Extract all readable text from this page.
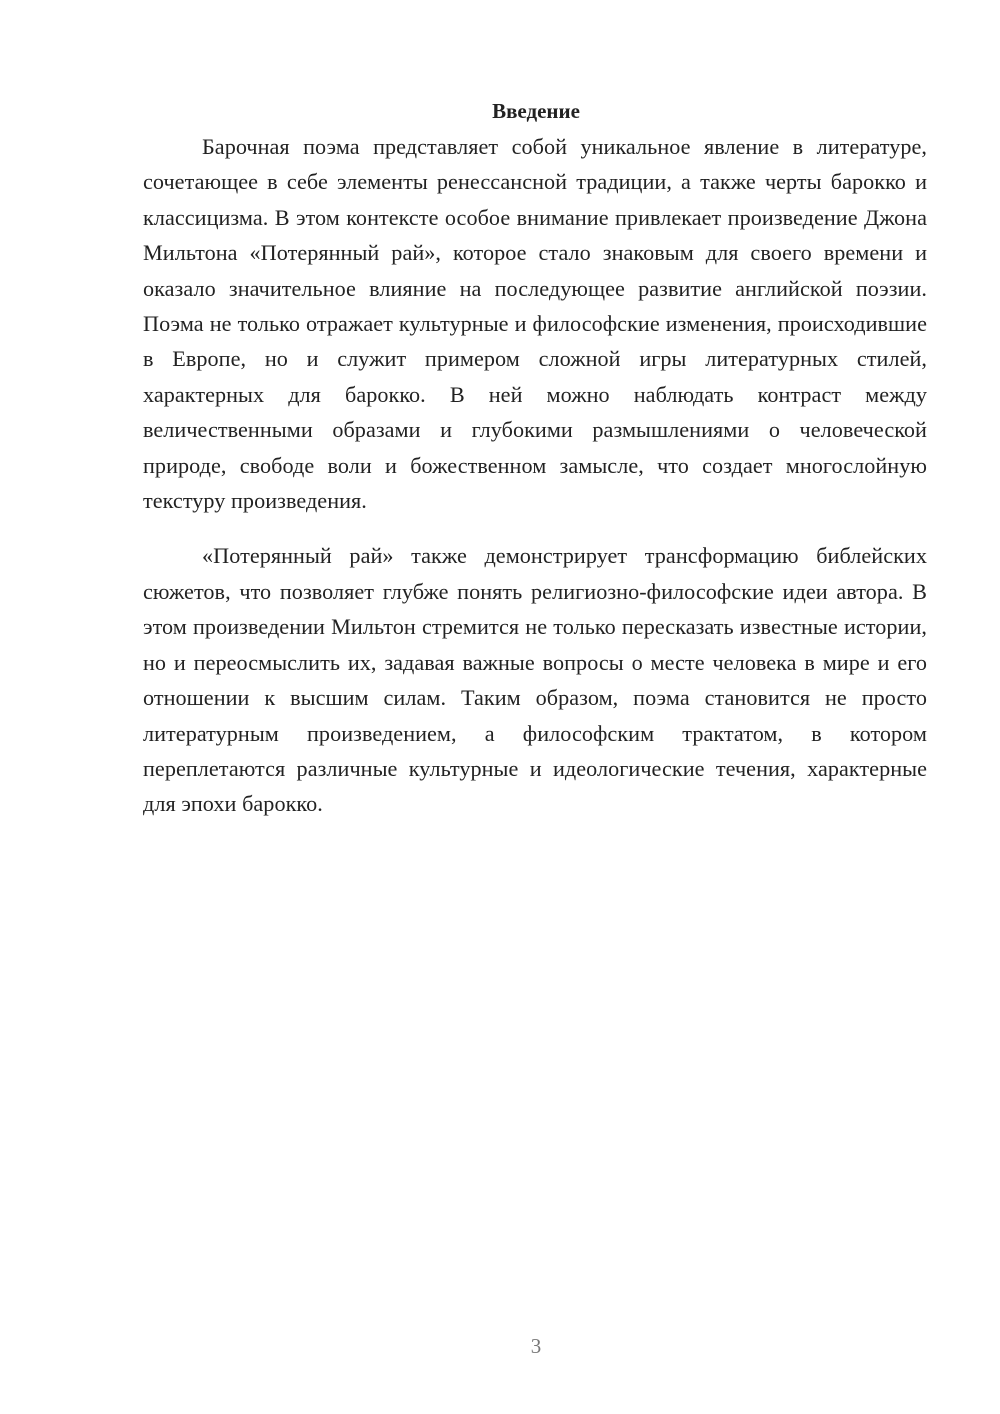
Введение

Барочная поэма представляет собой уникальное явление в литературе, сочетающее в себе элементы ренессансной традиции, а также черты барокко и классицизма. В этом контексте особое внимание привлекает произведение Джона Мильтона «Потерянный рай», которое стало знаковым для своего времени и оказало значительное влияние на последующее развитие английской поэзии. Поэма не только отражает культурные и философские изменения, происходившие в Европе, но и служит примером сложной игры литературных стилей, характерных для барокко. В ней можно наблюдать контраст между величественными образами и глубокими размышлениями о человеческой природе, свободе воли и божественном замысле, что создает многослойную текстуру произведения.

«Потерянный рай» также демонстрирует трансформацию библейских сюжетов, что позволяет глубже понять религиозно-философские идеи автора. В этом произведении Мильтон стремится не только пересказать известные истории, но и переосмыслить их, задавая важные вопросы о месте человека в мире и его отношении к высшим силам. Таким образом, поэма становится не просто литературным произведением, а философским трактатом, в котором переплетаются различные культурные и идеологические течения, характерные для эпохи барокко.

3
